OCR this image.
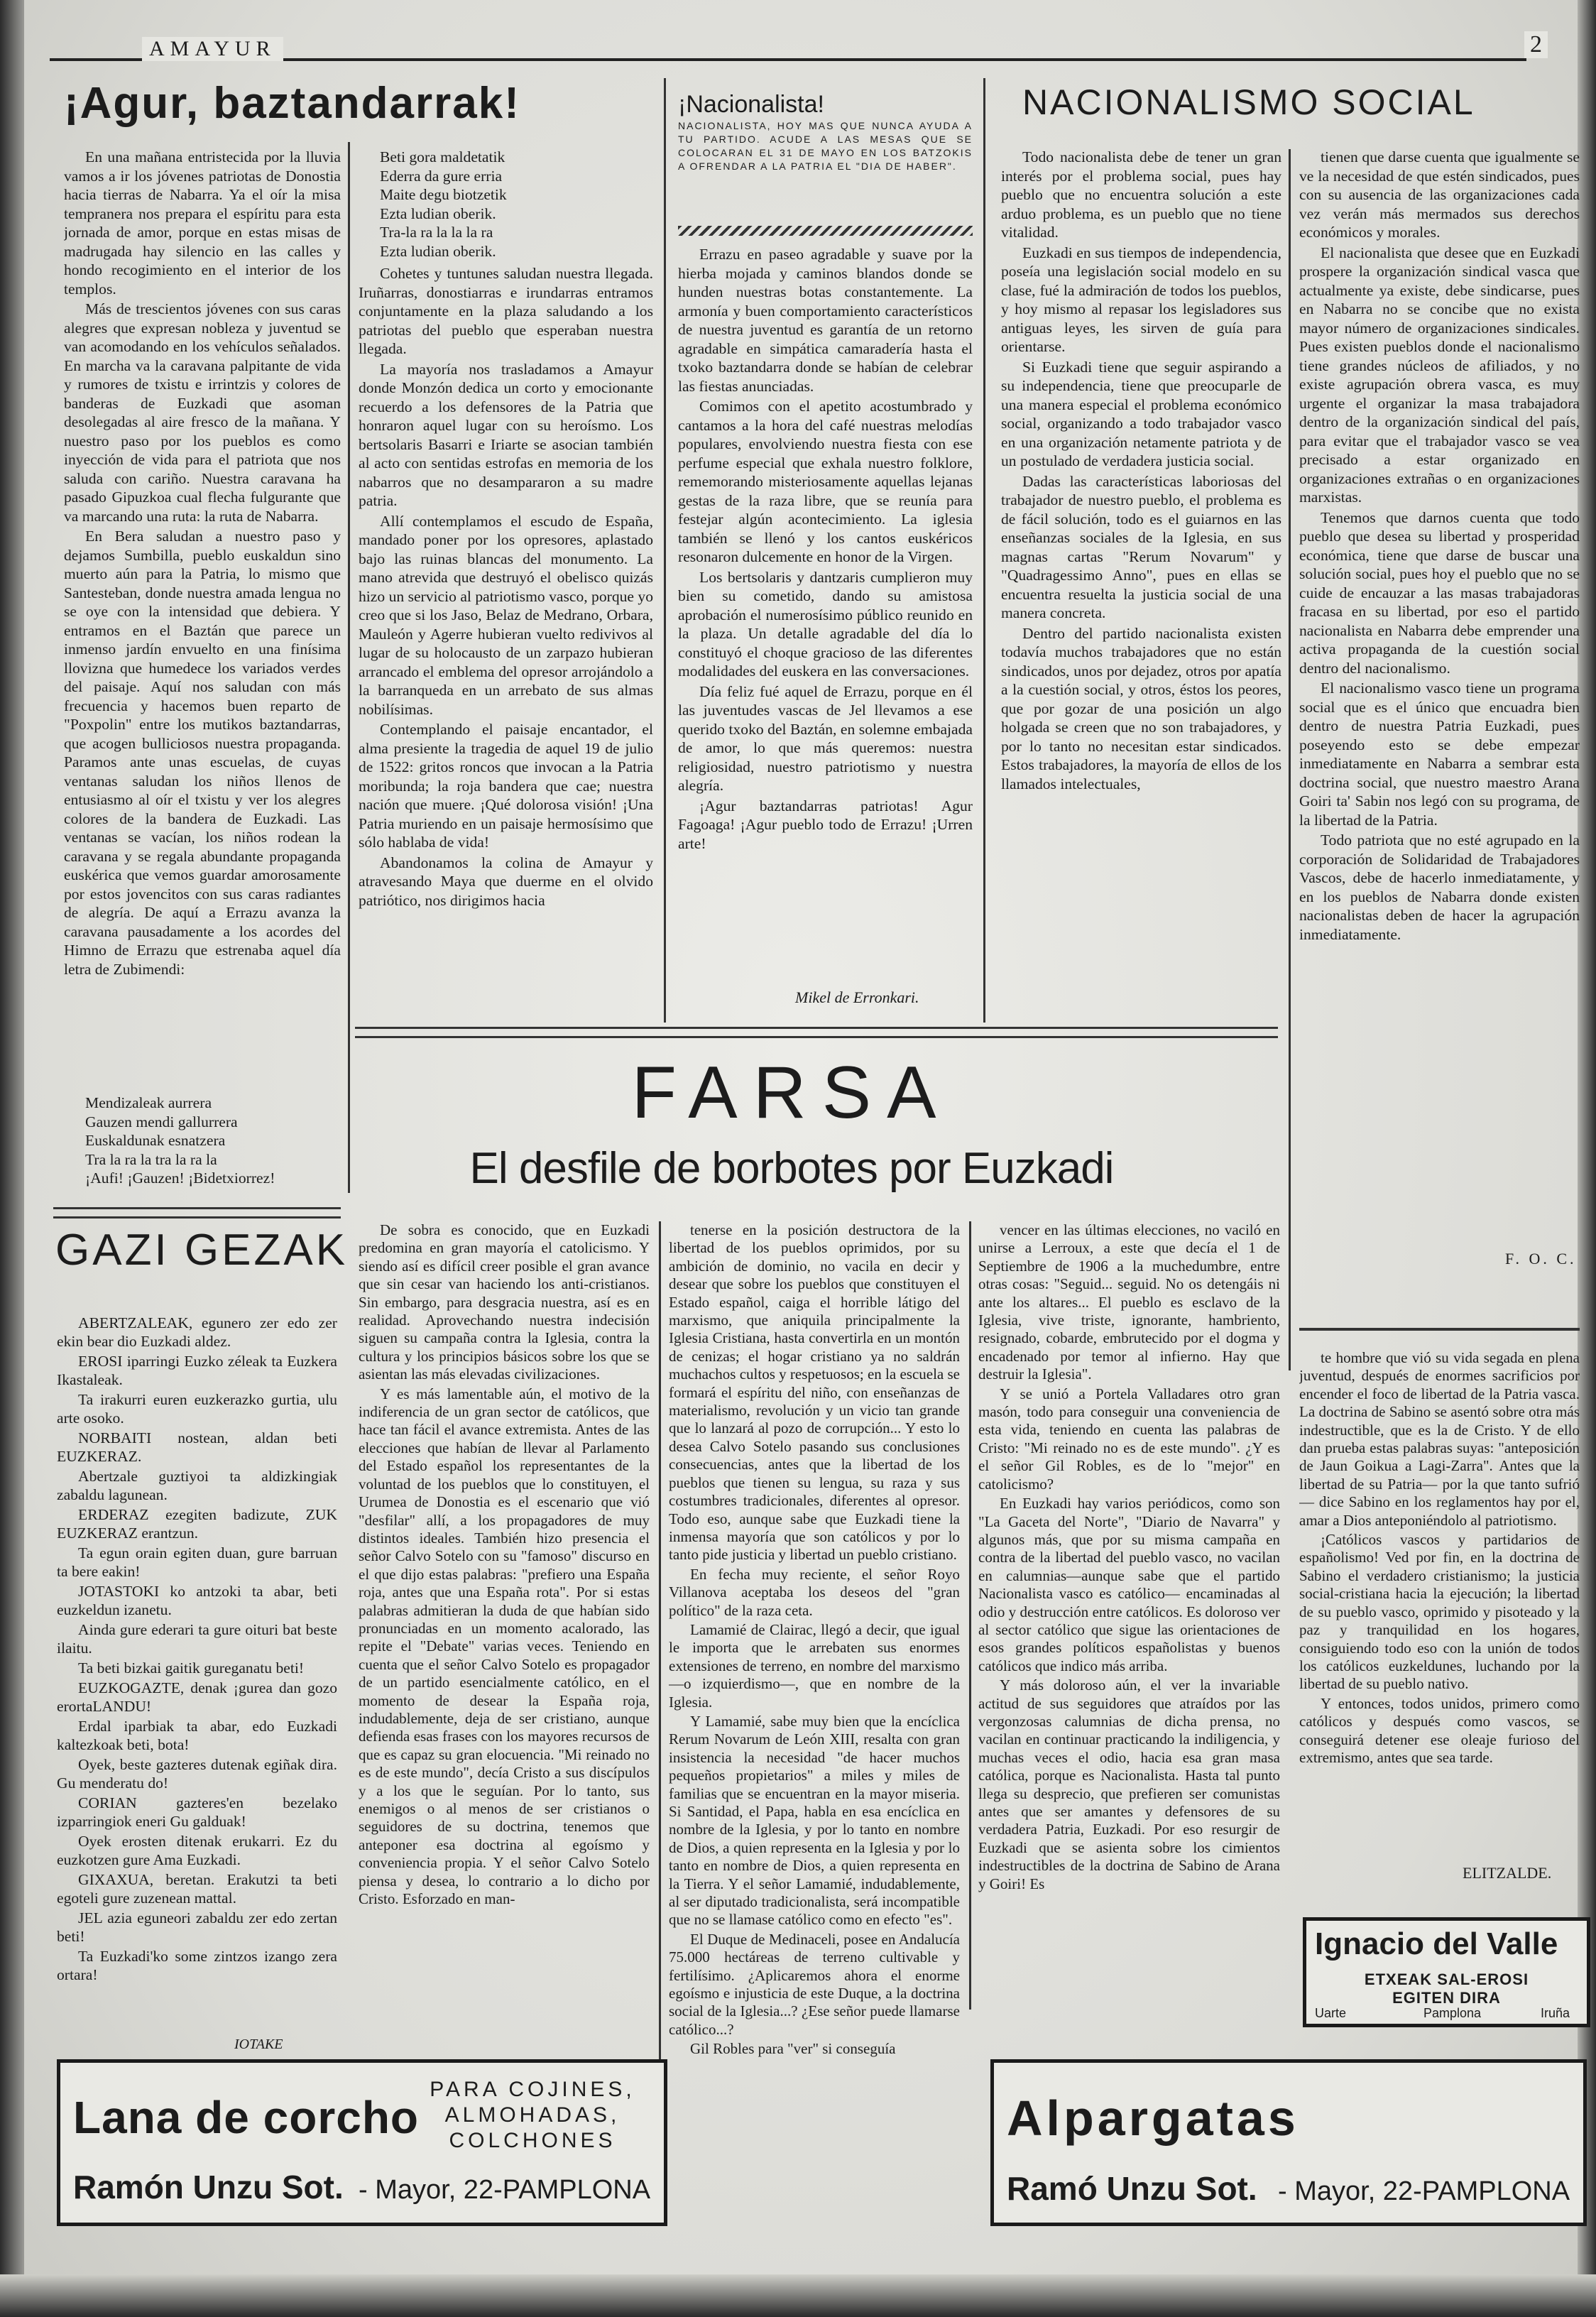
AMAYUR	2
¡Agur, baztandarrak!

En una mañana entristecida por la lluvia vamos a ir los jóvenes patriotas de Donostia hacia tierras de Nabarra. Ya el oír la misa tempranera nos prepara el espíritu para esta jornada de amor, porque en estas misas de madrugada hay silencio en las calles y hondo recogimiento en el interior de los templos.

Más de trescientos jóvenes con sus caras alegres que expresan nobleza y juventud se van acomodando en los vehículos señalados. En marcha va la caravana palpitante de vida y rumores de txistu e irrintzis y colores de banderas de Euzkadi que asoman desolegadas al aire fresco de la mañana. Y nuestro paso por los pueblos es como inyección de vida para el patriota que nos saluda con cariño. Nuestra caravana ha pasado Gipuzkoa cual flecha fulgurante que va marcando una ruta: la ruta de Nabarra.

En Bera saludan a nuestro paso y dejamos Sumbilla, pueblo euskaldun sino muerto aún para la Patria, lo mismo que Santesteban, donde nuestra amada lengua no se oye con la intensidad que debiera. Y entramos en el Baztán que parece un inmenso jardín envuelto en una finísima llovizna que humedece los variados verdes del paisaje. Aquí nos saludan con más frecuencia y hacemos buen reparto de "Poxpolin" entre los mutikos baztandarras, que acogen bulliciosos nuestra propaganda. Paramos ante unas escuelas, de cuyas ventanas saludan los niños llenos de entusiasmo al oír el txistu y ver los alegres colores de la bandera de Euzkadi. Las ventanas se vacían, los niños rodean la caravana y se regala abundante propaganda euskérica que vemos guardar amorosamente por estos jovencitos con sus caras radiantes de alegría. De aquí a Errazu avanza la caravana pausadamente a los acordes del Himno de Errazu que estrenaba aquel día letra de Zubimendi:

Mendizaleak aurrera
Gauzen mendi gallurrera
Euskaldunak esnatzera
Tra la ra la tra la ra la
¡Aufi! ¡Gauzen! ¡Bidetxiorrez!
Beti gora maldetatik
Ederra da gure erria
Maite degu biotzetik
Ezta ludian oberik.
Tra-la ra la la la ra
Ezta ludian oberik.

Cohetes y tuntunes saludan nuestra llegada. Iruñarras, donostiarras e irundarras entramos conjuntamente en la plaza saludando a los patriotas del pueblo que esperaban nuestra llegada.

La mayoría nos trasladamos a Amayur donde Monzón dedica un corto y emocionante recuerdo a los defensores de la Patria que honraron aquel lugar con su heroísmo. Los bertsolaris Basarri e Iriarte se asocian también al acto con sentidas estrofas en memoria de los nabarros que no desampararon a su madre patria.

Allí contemplamos el escudo de España, mandado poner por los opresores, aplastado bajo las ruinas blancas del monumento. La mano atrevida que destruyó el obelisco quizás hizo un servicio al patriotismo vasco, porque yo creo que si los Jaso, Belaz de Medrano, Orbara, Mauleón y Agerre hubieran vuelto redivivos al lugar de su holocausto de un zarpazo hubieran arrancado el emblema del opresor arrojándolo a la barranqueda en un arrebato de sus almas nobilísimas.

Contemplando el paisaje encantador, el alma presiente la tragedia de aquel 19 de julio de 1522: gritos roncos que invocan a la Patria moribunda; la roja bandera que cae; nuestra nación que muere. ¡Qué dolorosa visión! ¡Una Patria muriendo en un paisaje hermosísimo que sólo hablaba de vida!

Abandonamos la colina de Amayur y atravesando Maya que duerme en el olvido patriótico, nos dirigimos hacia

¡Nacionalista!
NACIONALISTA, HOY MAS QUE NUNCA AYUDA A TU PARTIDO. ACUDE A LAS MESAS QUE SE COLOCARAN EL 31 DE MAYO EN LOS BATZOKIS A OFRENDAR A LA PATRIA EL "DIA DE HABER".

Errazu en paseo agradable y suave por la hierba mojada y caminos blandos donde se hunden nuestras botas constantemente. La armonía y buen comportamiento característicos de nuestra juventud es garantía de un retorno agradable en simpática camaradería hasta el txoko baztandarra donde se habían de celebrar las fiestas anunciadas.

Comimos con el apetito acostumbrado y cantamos a la hora del café nuestras melodías populares, envolviendo nuestra fiesta con ese perfume especial que exhala nuestro folklore, rememorando misteriosamente aquellas lejanas gestas de la raza libre, que se reunía para festejar algún acontecimiento. La iglesia también se llenó y los cantos euskéricos resonaron dulcemente en honor de la Virgen.

Los bertsolaris y dantzaris cumplieron muy bien su cometido, dando su amistosa aprobación el numerosísimo público reunido en la plaza. Un detalle agradable del día lo constituyó el choque gracioso de las diferentes modalidades del euskera en las conversaciones.

Día feliz fué aquel de Errazu, porque en él las juventudes vascas de Jel llevamos a ese querido txoko del Baztán, en solemne embajada de amor, lo que más queremos: nuestra religiosidad, nuestro patriotismo y nuestra alegría.

¡Agur baztandarras patriotas! Agur Fagoaga! ¡Agur pueblo todo de Errazu! ¡Urren arte!

Mikel de Erronkari.
NACIONALISMO SOCIAL

Todo nacionalista debe de tener un gran interés por el problema social, pues hay pueblo que no encuentra solución a este arduo problema, es un pueblo que no tiene vitalidad.

Euzkadi en sus tiempos de independencia, poseía una legislación social modelo en su clase, fué la admiración de todos los pueblos, y hoy mismo al repasar los legisladores sus antiguas leyes, les sirven de guía para orientarse.

Si Euzkadi tiene que seguir aspirando a su independencia, tiene que preocuparle de una manera especial el problema económico social, organizando a todo trabajador vasco en una organización netamente patriota y de un postulado de verdadera justicia social.

Dadas las características laboriosas del trabajador de nuestro pueblo, el problema es de fácil solución, todo es el guiarnos en las enseñanzas sociales de la Iglesia, en sus magnas cartas "Rerum Novarum" y "Quadragessimo Anno", pues en ellas se encuentra resuelta la justicia social de una manera concreta.

Dentro del partido nacionalista existen todavía muchos trabajadores que no están sindicados, unos por dejadez, otros por apatía a la cuestión social, y otros, éstos los peores, que por gozar de una posición un algo holgada se creen que no son trabajadores, y por lo tanto no necesitan estar sindicados. Estos trabajadores, la mayoría de ellos de los llamados intelectuales,

tienen que darse cuenta que igualmente se ve la necesidad de que estén sindicados, pues con su ausencia de las organizaciones cada vez verán más mermados sus derechos económicos y morales.

El nacionalista que desee que en Euzkadi prospere la organización sindical vasca que actualmente ya existe, debe sindicarse, pues en Nabarra no se concibe que no exista mayor número de organizaciones sindicales. Pues existen pueblos donde el nacionalismo tiene grandes núcleos de afiliados, y no existe agrupación obrera vasca, es muy urgente el organizar la masa trabajadora dentro de la organización sindical del país, para evitar que el trabajador vasco se vea precisado a estar organizado en organizaciones extrañas o en organizaciones marxistas.

Tenemos que darnos cuenta que todo pueblo que desea su libertad y prosperidad económica, tiene que darse de buscar una solución social, pues hoy el pueblo que no se cuide de encauzar a las masas trabajadoras fracasa en su libertad, por eso el partido nacionalista en Nabarra debe emprender una activa propaganda de la cuestión social dentro del nacionalismo.

El nacionalismo vasco tiene un programa social que es el único que encuadra bien dentro de nuestra Patria Euzkadi, pues poseyendo esto se debe empezar inmediatamente en Nabarra a sembrar esta doctrina social, que nuestro maestro Arana Goiri ta' Sabin nos legó con su programa, de la libertad de la Patria.

Todo patriota que no esté agrupado en la corporación de Solidaridad de Trabajadores Vascos, debe de hacerlo inmediatamente, y en los pueblos de Nabarra donde existen nacionalistas deben de hacer la agrupación inmediatamente.

F. O. C.
FARSA
El desfile de borbotes por Euzkadi
GAZI GEZAK

ABERTZALEAK, egunero zer edo zer ekin bear dio Euzkadi aldez.

EROSI iparringi Euzko zéleak ta Euzkera Ikastaleak.

Ta irakurri euren euzkerazko gurtia, ulu arte osoko.

NORBAITI nostean, aldan beti EUZKERAZ.

Abertzale guztiyoi ta aldizkingiak zabaldu lagunean.

ERDERAZ ezegiten badizute, ZUK EUZKERAZ erantzun.

Ta egun orain egiten duan, gure barruan ta bere eakin!

JOTASTOKI ko antzoki ta abar, beti euzkeldun izanetu.

Ainda gure ederari ta gure oituri bat beste ilaitu.

Ta beti bizkai gaitik gureganatu beti!

EUZKOGAZTE, denak ¡gurea dan gozo erortaLANDU!

Erdal iparbiak ta abar, edo Euzkadi kaltezkoak beti, bota!

Oyek, beste gazteres dutenak egiñak dira. Gu menderatu do!

CORIAN gazteres'en bezelako izparringiok eneri Gu galduak!

Oyek erosten ditenak erukarri. Ez du euzkotzen gure Ama Euzkadi.

GIXAXUA, beretan. Erakutzi ta beti egoteli gure zuzenean mattal.

JEL azia eguneori zabaldu zer edo zertan beti!

Ta Euzkadi'ko some zintzos izango zera ortara!

IOTAKE

De sobra es conocido, que en Euzkadi predomina en gran mayoría el catolicismo. Y siendo así es difícil creer posible el gran avance que sin cesar van haciendo los anti-cristianos. Sin embargo, para desgracia nuestra, así es en realidad. Aprovechando nuestra indecisión siguen su campaña contra la Iglesia, contra la cultura y los principios básicos sobre los que se asientan las más elevadas civilizaciones.

Y es más lamentable aún, el motivo de la indiferencia de un gran sector de católicos, que hace tan fácil el avance extremista. Antes de las elecciones que habían de llevar al Parlamento del Estado español los representantes de la voluntad de los pueblos que lo constituyen, el Urumea de Donostia es el escenario que vió "desfilar" allí, a los propagadores de muy distintos ideales. También hizo presencia el señor Calvo Sotelo con su "famoso" discurso en el que dijo estas palabras: "prefiero una España roja, antes que una España rota". Por si estas palabras admitieran la duda de que habían sido pronunciadas en un momento acalorado, las repite el "Debate" varias veces. Teniendo en cuenta que el señor Calvo Sotelo es propagador de un partido esencialmente católico, en el momento de desear la España roja, indudablemente, deja de ser cristiano, aunque defienda esas frases con los mayores recursos de que es capaz su gran elocuencia. "Mi reinado no es de este mundo", decía Cristo a sus discípulos y a los que le seguían. Por lo tanto, sus enemigos o al menos de ser cristianos o seguidores de su doctrina, tenemos que anteponer esa doctrina al egoísmo y conveniencia propia. Y el señor Calvo Sotelo piensa y desea, lo contrario a lo dicho por Cristo. Esforzado en man-

tenerse en la posición destructora de la libertad de los pueblos oprimidos, por su ambición de dominio, no vacila en decir y desear que sobre los pueblos que constituyen el Estado español, caiga el horrible látigo del marxismo, que aniquila principalmente la Iglesia Cristiana, hasta convertirla en un montón de cenizas; el hogar cristiano ya no saldrán muchachos cultos y respetuosos; en la escuela se formará el espíritu del niño, con enseñanzas de materialismo, revolución y un vicio tan grande que lo lanzará al pozo de corrupción... Y esto lo desea Calvo Sotelo pasando sus conclusiones consecuencias, antes que la libertad de los pueblos que tienen su lengua, su raza y sus costumbres tradicionales, diferentes al opresor. Todo eso, aunque sabe que Euzkadi tiene la inmensa mayoría que son católicos y por lo tanto pide justicia y libertad un pueblo cristiano.

En fecha muy reciente, el señor Royo Villanova aceptaba los deseos del "gran político" de la raza ceta.

Lamamié de Clairac, llegó a decir, que igual le importa que le arrebaten sus enormes extensiones de terreno, en nombre del marxismo —o izquierdismo—, que en nombre de la Iglesia.

Y Lamamié, sabe muy bien que la encíclica Rerum Novarum de León XIII, resalta con gran insistencia la necesidad "de hacer muchos pequeños propietarios" a miles y miles de familias que se encuentran en la mayor miseria. Si Santidad, el Papa, habla en esa encíclica en nombre de la Iglesia, y por lo tanto en nombre de Dios, a quien representa en la Iglesia y por lo tanto en nombre de Dios, a quien representa en la Tierra. Y el señor Lamamié, indudablemente, al ser diputado tradicionalista, será incompatible que no se llamase católico como en efecto "es".

El Duque de Medinaceli, posee en Andalucía 75.000 hectáreas de terreno cultivable y fertilísimo. ¿Aplicaremos ahora el enorme egoísmo e injusticia de este Duque, a la doctrina social de la Iglesia...? ¿Ese señor puede llamarse católico...?

Gil Robles para "ver" si conseguía

vencer en las últimas elecciones, no vaciló en unirse a Lerroux, a este que decía el 1 de Septiembre de 1906 a la muchedumbre, entre otras cosas: "Seguid... seguid. No os detengáis ni ante los altares... El pueblo es esclavo de la Iglesia, vive triste, ignorante, hambriento, resignado, cobarde, embrutecido por el dogma y encadenado por temor al infierno. Hay que destruir la Iglesia".

Y se unió a Portela Valladares otro gran masón, todo para conseguir una conveniencia de esta vida, teniendo en cuenta las palabras de Cristo: "Mi reinado no es de este mundo". ¿Y es el señor Gil Robles, es de lo "mejor" en catolicismo?

En Euzkadi hay varios periódicos, como son "La Gaceta del Norte", "Diario de Navarra" y algunos más, que por su misma campaña en contra de la libertad del pueblo vasco, no vacilan en calumnias—aunque sabe que el partido Nacionalista vasco es católico— encaminadas al odio y destrucción entre católicos. Es doloroso ver al sector católico que sigue las orientaciones de esos grandes políticos españolistas y buenos católicos que indico más arriba.

Y más doloroso aún, el ver la invariable actitud de sus seguidores que atraídos por las vergonzosas calumnias de dicha prensa, no vacilan en continuar practicando la indiligencia, y muchas veces el odio, hacia esa gran masa católica, porque es Nacionalista. Hasta tal punto llega su desprecio, que prefieren ser comunistas antes que ser amantes y defensores de su verdadera Patria, Euzkadi. Por eso resurgir de Euzkadi que se asienta sobre los cimientos indestructibles de la doctrina de Sabino de Arana y Goiri! Es

te hombre que vió su vida segada en plena juventud, después de enormes sacrificios por encender el foco de libertad de la Patria vasca. La doctrina de Sabino se asentó sobre otra más indestructible, que es la de Cristo. Y de ello dan prueba estas palabras suyas: "anteposición de Jaun Goikua a Lagi-Zarra". Antes que la libertad de su Patria— por la que tanto sufrió— dice Sabino en los reglamentos hay por el, amar a Dios anteponiéndolo al patriotismo.

¡Católicos vascos y partidarios de españolismo! Ved por fin, en la doctrina de Sabino el verdadero cristianismo; la justicia social-cristiana hacia la ejecución; la libertad de su pueblo vasco, oprimido y pisoteado y la paz y tranquilidad en los hogares, consiguiendo todo eso con la unión de todos los católicos euzkeldunes, luchando por la libertad de su pueblo nativo.

Y entonces, todos unidos, primero como católicos y después como vascos, se conseguirá detener ese oleaje furioso del extremismo, antes que sea tarde.

ELITZALDE.
Ignacio del Valle
ETXEAK SAL-EROSI
EGITEN DIRA
Uarte	Pamplona	Iruña
Lana de corcho
PARA COJINES,
ALMOHADAS,
COLCHONES
Ramón Unzu Sot. - Mayor, 22-PAMPLONA
Alpargatas
Ramó Unzu Sot. - Mayor, 22-PAMPLONA
